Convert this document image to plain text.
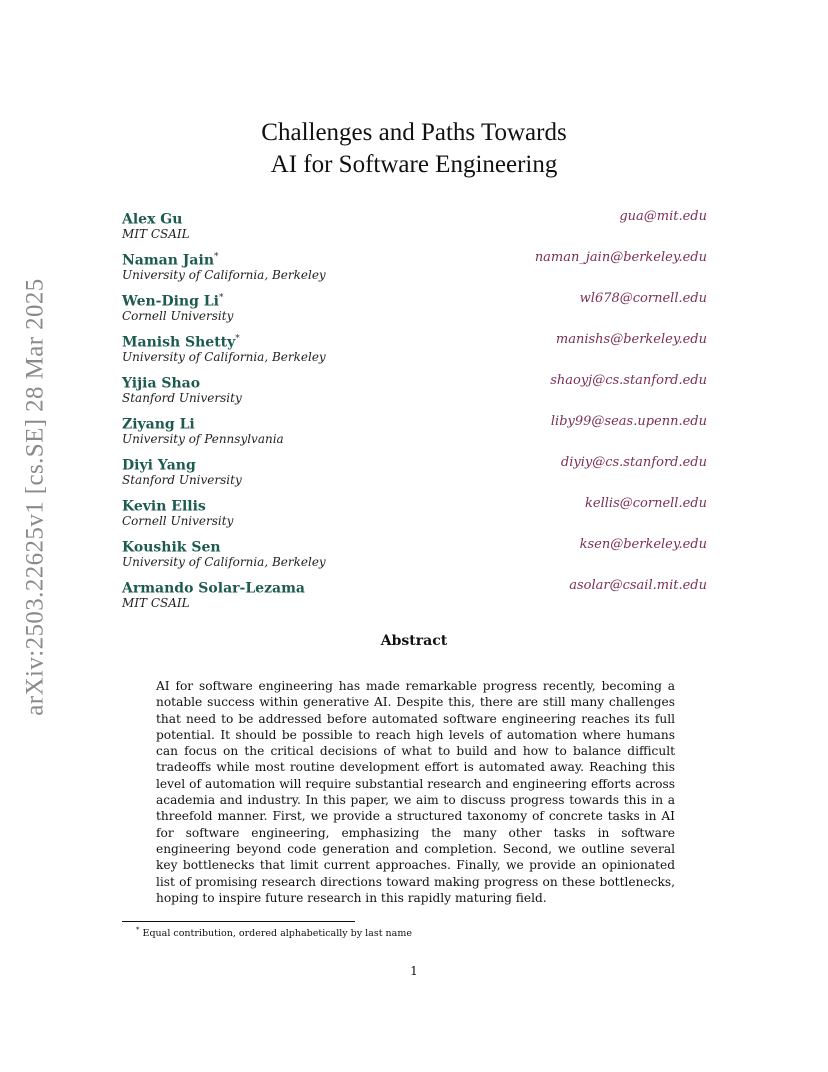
arXiv:2503.22625v1 [cs.SE] 28 Mar 2025
Challenges and Paths Towards
AI for Software Engineering
Alex Gu
MIT CSAIL
gua@mit.edu
Naman Jain*
University of California, Berkeley
naman_jain@berkeley.edu
Wen-Ding Li*
Cornell University
wl678@cornell.edu
Manish Shetty*
University of California, Berkeley
manishs@berkeley.edu
Yijia Shao
Stanford University
shaoyj@cs.stanford.edu
Ziyang Li
University of Pennsylvania
liby99@seas.upenn.edu
Diyi Yang
Stanford University
diyiy@cs.stanford.edu
Kevin Ellis
Cornell University
kellis@cornell.edu
Koushik Sen
University of California, Berkeley
ksen@berkeley.edu
Armando Solar-Lezama
MIT CSAIL
asolar@csail.mit.edu
Abstract
AI for software engineering has made remarkable progress recently, becoming a notable success within generative AI. Despite this, there are still many challenges that need to be addressed before automated software engineering reaches its full potential. It should be possible to reach high levels of automation where humans can focus on the critical decisions of what to build and how to balance difficult tradeoffs while most routine development effort is automated away. Reaching this level of automation will require substantial research and engineering efforts across academia and industry. In this paper, we aim to discuss progress towards this in a threefold manner. First, we provide a structured taxonomy of concrete tasks in AI for software engineering, emphasizing the many other tasks in software engineering beyond code generation and completion. Second, we outline several key bottlenecks that limit current approaches. Finally, we provide an opinionated list of promising research directions toward making progress on these bottlenecks, hoping to inspire future research in this rapidly maturing field.
* Equal contribution, ordered alphabetically by last name
1
